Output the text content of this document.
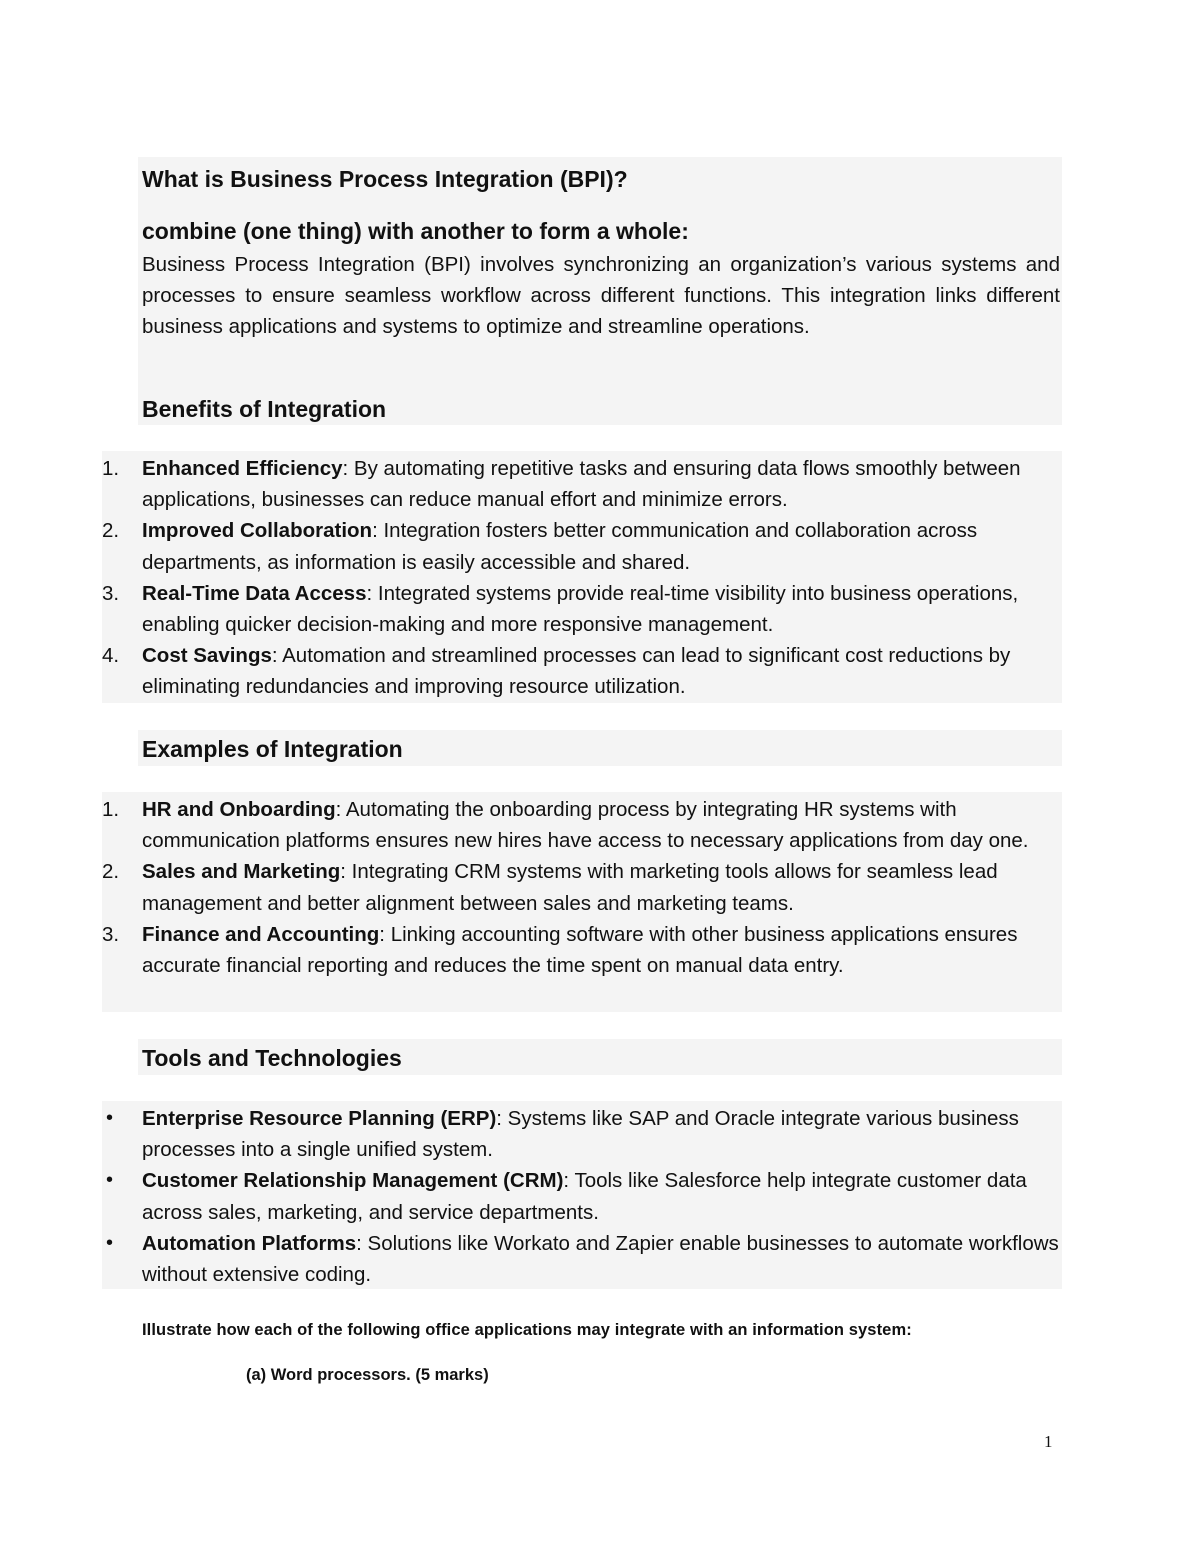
What is Business Process Integration (BPI)?
combine (one thing) with another to form a whole:
Business Process Integration (BPI) involves synchronizing an organization’s various systems and processes to ensure seamless workflow across different functions. This integration links different business applications and systems to optimize and streamline operations.
Benefits of Integration
1.	Enhanced Efficiency: By automating repetitive tasks and ensuring data flows smoothly between applications, businesses can reduce manual effort and minimize errors.
2.	Improved Collaboration: Integration fosters better communication and collaboration across departments, as information is easily accessible and shared.
3.	Real-Time Data Access: Integrated systems provide real-time visibility into business operations, enabling quicker decision-making and more responsive management.
4.	Cost Savings: Automation and streamlined processes can lead to significant cost reductions by eliminating redundancies and improving resource utilization.
Examples of Integration
1.	HR and Onboarding: Automating the onboarding process by integrating HR systems with communication platforms ensures new hires have access to necessary applications from day one.
2.	Sales and Marketing: Integrating CRM systems with marketing tools allows for seamless lead management and better alignment between sales and marketing teams.
3.	Finance and Accounting: Linking accounting software with other business applications ensures accurate financial reporting and reduces the time spent on manual data entry.
Tools and Technologies
•	Enterprise Resource Planning (ERP): Systems like SAP and Oracle integrate various business processes into a single unified system.
•	Customer Relationship Management (CRM): Tools like Salesforce help integrate customer data across sales, marketing, and service departments.
•	Automation Platforms: Solutions like Workato and Zapier enable businesses to automate workflows without extensive coding.
Illustrate how each of the following office applications may integrate with an information system:
(a) Word processors. (5 marks)
1
